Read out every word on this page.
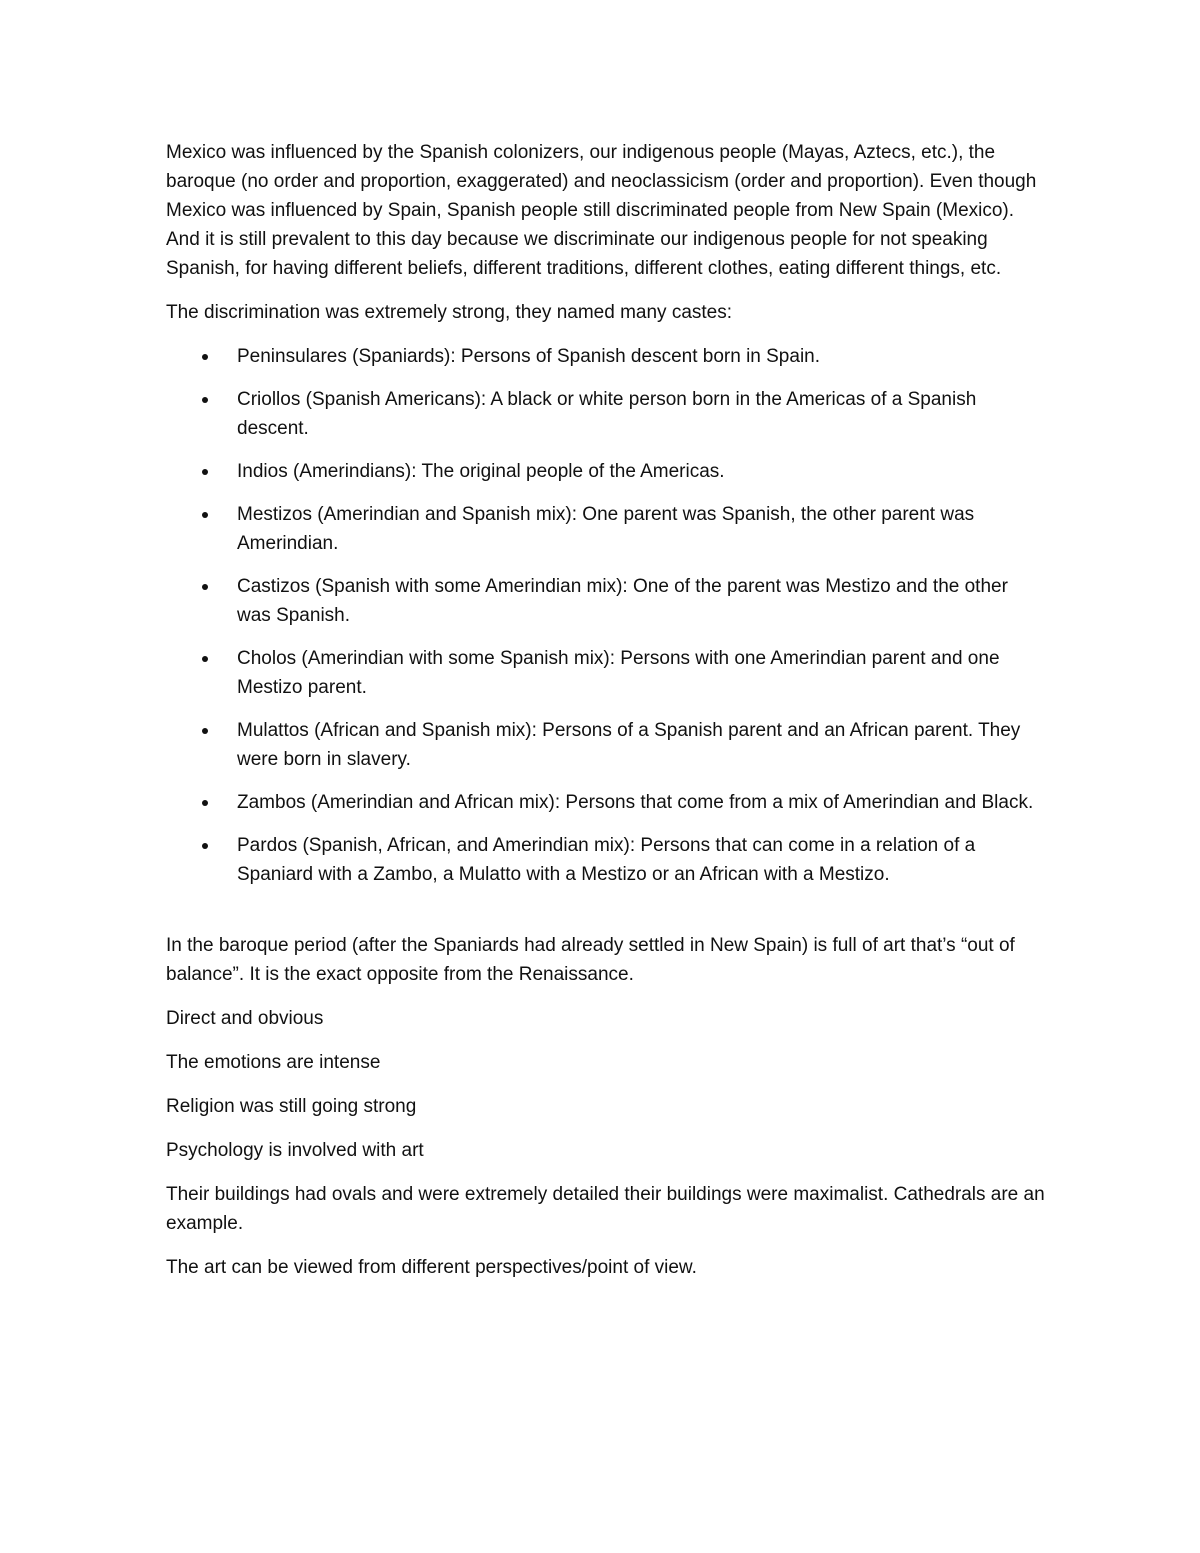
Mexico was influenced by the Spanish colonizers, our indigenous people (Mayas, Aztecs, etc.), the baroque (no order and proportion, exaggerated) and neoclassicism (order and proportion). Even though Mexico was influenced by Spain, Spanish people still discriminated people from New Spain (Mexico). And it is still prevalent to this day because we discriminate our indigenous people for not speaking Spanish, for having different beliefs, different traditions, different clothes, eating different things, etc.

The discrimination was extremely strong, they named many castes:

Peninsulares (Spaniards): Persons of Spanish descent born in Spain.
Criollos (Spanish Americans): A black or white person born in the Americas of a Spanish descent.
Indios (Amerindians): The original people of the Americas.
Mestizos (Amerindian and Spanish mix): One parent was Spanish, the other parent was Amerindian.
Castizos (Spanish with some Amerindian mix): One of the parent was Mestizo and the other was Spanish.
Cholos (Amerindian with some Spanish mix): Persons with one Amerindian parent and one Mestizo parent.
Mulattos (African and Spanish mix): Persons of a Spanish parent and an African parent. They were born in slavery.
Zambos (Amerindian and African mix): Persons that come from a mix of Amerindian and Black.
Pardos (Spanish, African, and Amerindian mix): Persons that can come in a relation of a Spaniard with a Zambo, a Mulatto with a Mestizo or an African with a Mestizo.

In the baroque period (after the Spaniards had already settled in New Spain) is full of art that’s “out of balance”. It is the exact opposite from the Renaissance.

Direct and obvious

The emotions are intense

Religion was still going strong

Psychology is involved with art

Their buildings had ovals and were extremely detailed their buildings were maximalist. Cathedrals are an example.

The art can be viewed from different perspectives/point of view.
